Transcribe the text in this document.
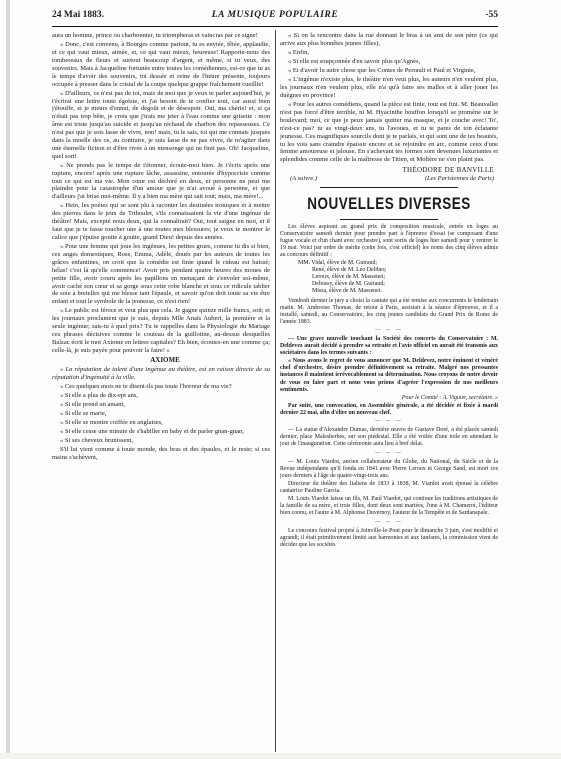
24 Mai 1883.	LA MUSIQUE POPULAIRE	-55

aura un homme, prince ou charbonnier, tu triompheras et vaincras par ce signe!

« Donc, c'est convenu, à Bourges comme partout, tu es enviée, fêtée, applaudie, et ce qui vaut mieux, aimée, et, ce qui vaut mieux, heureuse! Rapporte-nous des tombereaux de fleurs et surtout beaucoup d'argent, et même, si tu veux, des souvenirs. Mais à Jacqueline fortunée entre toutes les comédiennes, est-ce que tu as le temps d'avoir des souvenirs, toi dessée et reine de l'heure présente, toujours occupée à presser dans le cristal de la coupe quelque grappe fraîchement cueillie!

« D'ailleurs, ce n'est pas de toi, mais de moi que je veux te parler aujourd'hui, je t'écrirai une lettre toute égoïste, et j'ai besoin de te confier tout, car aussi bien j'étouffe, et je meurs d'ennui, de dégoût et de désespoir. Oui, ma chérie! et, si ça n'était pas trop bête, je crois que j'irais me jeter à l'eau comme une grisette : mon âme est triste jusqu'au suicide et jusqu'au réchaud de charbon des repasseuses. Ce n'est pas que je sois lasse de vivre, non! mais, tu le sais, toi qui me connais jusques dans la moelle des os, au contraire, je suis lasse de ne pas vivre, de m'agiter dans une éternelle fiction et d'être rivée à un mensonge qui ne finit pas. Oh! Jacqueline, quel sort!

« Ne prends pas le temps de t'étonner, écoute-moi bien. Je t'écris après une rupture, encore! après une rupture lâche, assassine, entourée d'hypocrisie comme tout ce qui est ma vie. Mon cœur est déchiré en deux, et personne ne peut me plaindre pour la catastrophe d'un amour que je n'ai avoué à personne, et que d'ailleurs j'ai brisé moi-même. Il y a bien ma mère qui sait tout; mais, ma mère!...

« Hein, les poètes qui se sont plu à raconter les destinées ironiques et à mettre des pierres dans le jeux de Triboulet, s'ils connaissaient la vie d'une ingénue de théâtre! Mais, excepté nous deux, qui la connaîtrait? Oui, tout saigne en moi, et il faut que je te fasse toucher une à une toutes mes blessures; je veux te montrer le calice que j'épuise goutte à goutte, grand Dieu! depuis des années.

« Pour une femme qui joue les ingénues, les petites grues, comme tu dis si bien, ces anges domestiques, Rose, Emma, Adèle, doués par les auteurs de toutes les grâces enfantines, on croit que la comédie est finie quand le rideau est baissé; hélas! c'est là qu'elle commence! Avoir pris pendant quatre heures des moues de petite fille, avoir couru après les papillons en menaçant de s'envoler soi-même, avoir caché son cœur et sa gorge sous cette robe blanche et sous ce ridicule tablier de soie à bretelles qui me blesse tant l'épaule, et savoir qu'on doit toute sa vie être enfant et tout le symbole de la jeunesse, ce n'est rien!

« Le public est féroce et veut plus que cela. Je gagne quinze mille francs, soit; et les journaux proclament que je suis, depuis Mlle Anaïs Aubert, la première et la seule ingénue; sais-tu à quel prix? Tu te rappelles dans la Physiologie du Mariage ces phrases décisives comme le couteau de la guillotine, au-dessus desquelles Balzac écrit le mot Axiome en lettres capitales? Eh bien, écoutes-en une comme ça; celle-là, je suis payée pour pouvoir la faire! »

AXIOME

« La réputation de talent d'une ingénue au théâtre, est en raison directe de sa réputation d'ingénuité à la ville.

« Ces quelques mots ne te disent-ils pas toute l'horreur de ma vie?

« Si elle a plus de dix-ept ans,

« Si elle prend un amant,

« Si elle se marie,

« Si elle se montre coiffée en anglaises,

« Si elle cesse une minute de s'habiller en baby et de parler gnan-gnan,

« Si ses cheveux brunissent,

S'il lui vient comme à toute monde, des bras et des épaules, et le reste; si ces mains s'achèvent,

« Si on la rencontre dans la rue donnant le bras à un ami de son père (ce qui arrive aux plus honnêtes jeunes filles),

« Enfin,

« Si elle est soupçonnée d'en savoir plus qu'Agnès,

« Et d'avoir lu autre chose que les Contes de Perrault et Paul et Virginie,

« L'ingénue n'existe plus, le théâtre n'en veut plus, les auteurs n'en veulent plus, les journaux n'en veulent plus, elle n'a qu'à faire ses malles et à aller jouer les duègnes en province!

« Pour les autres comédiens, quand la pièce est finie, tout est fini. M. Beauvallet n'est pas forcé d'être terrible, ni M. Hyacinthe bouffon lorsqu'il se promène sur le boulevard; moi, ce que je peux jamais quitter ma masque, et je couche avec! To', n'est-ce pas? tu as vingt-deux ans, tu l'avoues, et tu te pares de ton éclatante jeunesse. Ces magnifiques sourcils dont je te parlais, et qui sont une de tes beautés, tu les vois sans craindre épaissir encore et se rejoindre en arc, comme ceux d'une femme amoureuse et jalouse. En s'achevant tes formes sont devenues luxuriantes et splendides comme celle de la maîtresse de Titien, et Molière ne s'en plaint pas.

THÉODORE DE BANVILLE
(A suivre.)	(Les Parisiennes de Paris)
NOUVELLES DIVERSES

Les élèves aspirant au grand prix de composition musicale, entrés en loges au Conservatoire samedi dernier pour prendre part à l'épreuve d'essai (se composant d'une fugue vocale et d'un chant avec orchestre), sont sortis de loges hier samedi pour y rentrer le 19 mai. Voici par ordre de mérite (cette fois, c'est officiel) les noms des cinq élèves admis au concours définitif :

MM. Vidal, élève de M. Guiraud;
René, élève de M. Léo Delibes;
Leroux, élève de M. Massenet;
Debussy, élève de M. Guiraud;
Missa, élève de M. Massenet.

Vendredi dernier le jury a choisi la cantate qui a été remise aux concurrents le lendemain matin. M. Ambroise Thomas, de retour à Paris, assistait à la séance d'épreuves, et il a installé, samedi, au Conservatoire, les cinq jeunes candidats du Grand Prix de Rome de l'année 1883.

— — —

— Une grave nouvelle touchant la Société des concerts du Conservatoire : M. Deldevez aurait décidé à prendre sa retraite et l'avis officiel en aurait été transmis aux sociétaires dans les termes suivants :

« Nous avons le regret de vous annoncer que M. Deldevez, notre éminent et vénéré chef d'orchestre, désire prendre définitivement sa retraite. Malgré nos pressantes instances il maintient irrévocablement sa détermination. Nous croyons de notre devoir de vous en faire part et nous vous prions d'agréer l'expression de nos meilleurs sentiments.

Pour le Comité : A. Viguier, secrétaire. »

Par suite, une convocation, en Assemblée générale, a été décidée et fixée à mardi dernier 22 mai, afin d'élire un nouveau chef.

— — —

— La statue d'Alexandre Dumas, dernière œuvre de Gustave Doré, a été placée samedi dernier, place Malesherbes, sur son piédestal. Elle a été voilée d'une toile en attendant le jour de l'inauguration. Cette cérémonie aura lieu à bref délai.

— — —

— M. Louis Viardot, ancien collaborateur du Globe, du National, du Siècle et de la Revue indépendante qu'il fonda en 1841 avec Pierre Leroux et George Sand, est mort ces jours derniers à l'âge de quatre-vingt-trois ans.

Directeur du théâtre des Italiens de 1833 à 1838, M. Viardot avait épousé la célèbre cantatrice Pauline Garcia.

M. Louis Viardot laisse un fils, M. Paul Viardot, qui continue les traditions artistiques de la famille de sa mère, et trois filles, dont deux sont mariées, l'une à M. Chamerot, l'éditeur bien connu, et l'autre à M. Alphonse Duvernoy, l'auteur de la Tempête et de Sardanapale.

— — —

Le concours festival projeté à Joinville-le-Pont pour le dimanche 3 juin, s'est modifié et agrandi; il était primitivement limité aux harmonies et aux fanfares, la commission vient de décider que les sociétés
